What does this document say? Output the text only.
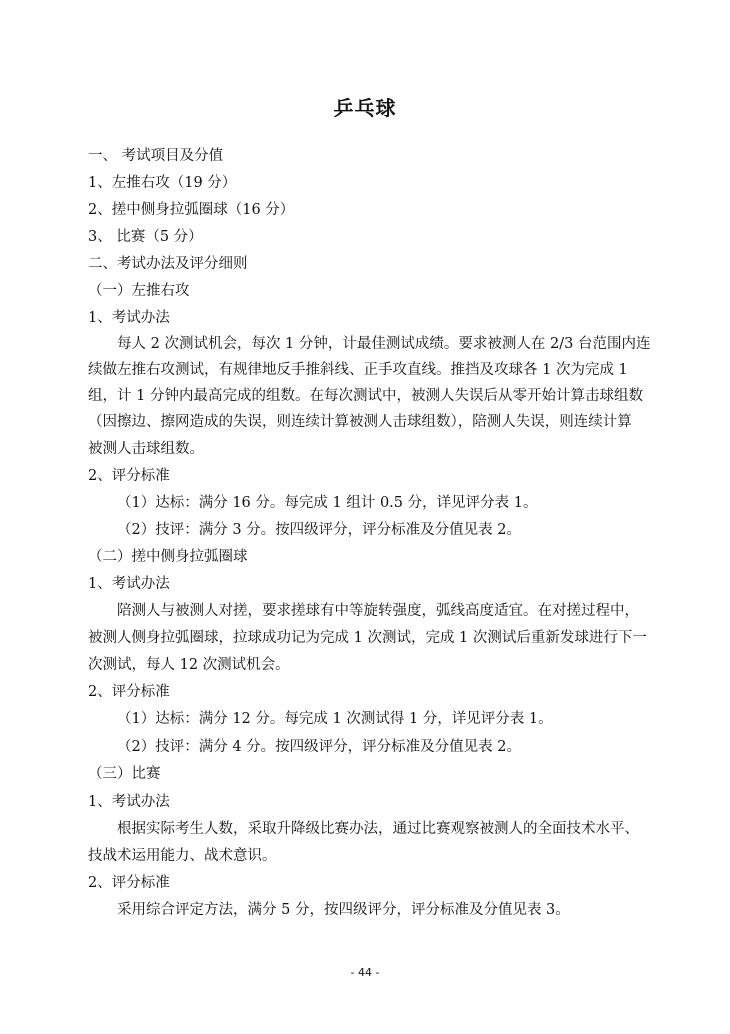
乒乓球
一、 考试项目及分值
1、左推右攻（19 分）
2、搓中侧身拉弧圈球（16 分）
3、 比赛（5 分）
二、考试办法及评分细则
（一）左推右攻
1、考试办法
每人 2 次测试机会，每次 1 分钟，计最佳测试成绩。要求被测人在 2/3 台范围内连
续做左推右攻测试，有规律地反手推斜线、正手攻直线。推挡及攻球各 1 次为完成 1
组，计 1 分钟内最高完成的组数。在每次测试中，被测人失误后从零开始计算击球组数
（因擦边、擦网造成的失误，则连续计算被测人击球组数），陪测人失误，则连续计算
被测人击球组数。
2、评分标准
（1）达标：满分 16 分。每完成 1 组计 0.5 分，详见评分表 1。
（2）技评：满分 3 分。按四级评分，评分标准及分值见表 2。
（二）搓中侧身拉弧圈球
1、考试办法
陪测人与被测人对搓，要求搓球有中等旋转强度，弧线高度适宜。在对搓过程中，
被测人侧身拉弧圈球，拉球成功记为完成 1 次测试，完成 1 次测试后重新发球进行下一
次测试，每人 12 次测试机会。
2、评分标准
（1）达标：满分 12 分。每完成 1 次测试得 1 分，详见评分表 1。
（2）技评：满分 4 分。按四级评分，评分标准及分值见表 2。
（三）比赛
1、考试办法
根据实际考生人数，采取升降级比赛办法，通过比赛观察被测人的全面技术水平、
技战术运用能力、战术意识。
2、评分标准
采用综合评定方法，满分 5 分，按四级评分，评分标准及分值见表 3。
- 44 -
